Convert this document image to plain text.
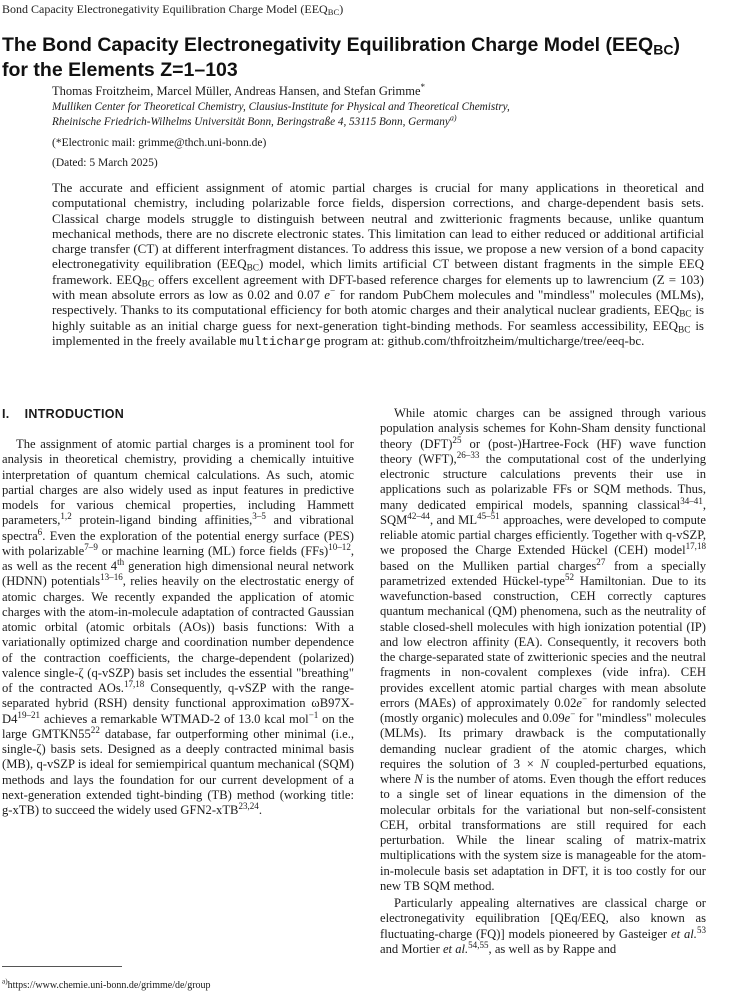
Bond Capacity Electronegativity Equilibration Charge Model (EEQBC)
The Bond Capacity Electronegativity Equilibration Charge Model (EEQBC)
for the Elements Z=1–103
Thomas Froitzheim, Marcel Müller, Andreas Hansen, and Stefan Grimme*
Mulliken Center for Theoretical Chemistry, Clausius-Institute for Physical and Theoretical Chemistry,
Rheinische Friedrich-Wilhelms Universität Bonn, Beringstraße 4, 53115 Bonn, Germany$^{a)}$
(*Electronic mail: grimme@thch.uni-bonn.de)
(Dated: 5 March 2025)
The accurate and efficient assignment of atomic partial charges is crucial for many applications in theoretical and computational chemistry, including polarizable force fields, dispersion corrections, and charge-dependent basis sets. Classical charge models struggle to distinguish between neutral and zwitterionic fragments because, unlike quantum mechanical methods, there are no discrete electronic states. This limitation can lead to either reduced or additional artificial charge transfer (CT) at different interfragment distances. To address this issue, we propose a new version of a bond capacity electronegativity equilibration (EEQBC) model, which limits artificial CT between distant fragments in the simple EEQ framework. EEQBC offers excellent agreement with DFT-based reference charges for elements up to lawrencium (Z = 103) with mean absolute errors as low as 0.02 and 0.07 e− for random PubChem molecules and "mindless" molecules (MLMs), respectively. Thanks to its computational efficiency for both atomic charges and their analytical nuclear gradients, EEQBC is highly suitable as an initial charge guess for next-generation tight-binding methods. For seamless accessibility, EEQBC is implemented in the freely available multicharge program at: github.com/thfroitzheim/multicharge/tree/eeq-bc.
I. INTRODUCTION

The assignment of atomic partial charges is a prominent tool for analysis in theoretical chemistry, providing a chemically intuitive interpretation of quantum chemical calculations. As such, atomic partial charges are also widely used as input features in predictive models for various chemical properties, including Hammett parameters,$^{1,2}$ protein-ligand binding affinities,$^{3-5}$ and vibrational spectra$^6$. Even the exploration of the potential energy surface (PES) with polarizable$^{7-9}$ or machine learning (ML) force fields (FFs)$^{10-12}$, as well as the recent 4th generation high dimensional neural network (HDNN) potentials$^{13-16}$, relies heavily on the electrostatic energy of atomic charges. We recently expanded the application of atomic charges with the atom-in-molecule adaptation of contracted Gaussian atomic orbital (atomic orbitals (AOs)) basis functions: With a variationally optimized charge and coordination number dependence of the contraction coefficients, the charge-dependent (polarized) valence single-ζ (q-vSZP) basis set includes the essential "breathing" of the contracted AOs.$^{17,18}$ Consequently, q-vSZP with the range-separated hybrid (RSH) density functional approximation ωB97X-D4$^{19-21}$ achieves a remarkable WTMAD-2 of 13.0 kcal mol$^{-1}$ on the large $GMTKN55^{22}$ database, far outperforming other minimal (i.e., single-ζ) basis sets. Designed as a deeply contracted minimal basis (MB), q-vSZP is ideal for semiempirical quantum mechanical (SQM) methods and lays the foundation for our current development of a next-generation extended tight-binding (TB) method (working title: g-xTB) to succeed the widely used GFN2-xTB$^{23,24}$.

While atomic charges can be assigned through various population analysis schemes for Kohn-Sham density functional theory (DFT)$^{25}$ or (post-)Hartree-Fock (HF) wave function theory (WFT),$^{26-33}$ the computational cost of the underlying electronic structure calculations prevents their use in applications such as polarizable FFs or SQM methods. Thus, many dedicated empirical models, spanning classical$^{34-41}$, SQM$^{42-44}$, and ML$^{45-51}$ approaches, were developed to compute reliable atomic partial charges efficiently. Together with q-vSZP, we proposed the Charge Extended Hückel (CEH) model$^{17,18}$ based on the Mulliken partial charges$^{27}$ from a specially parametrized extended Hückel-type$^{52}$ Hamiltonian. Due to its wavefunction-based construction, CEH correctly captures quantum mechanical (QM) phenomena, such as the neutrality of stable closed-shell molecules with high ionization potential (IP) and low electron affinity (EA). Consequently, it recovers both the charge-separated state of zwitterionic species and the neutral fragments in non-covalent complexes (vide infra). CEH provides excellent atomic partial charges with mean absolute errors (MAEs) of approximately 0.02e− for randomly selected (mostly organic) molecules and 0.09e− for "mindless" molecules (MLMs). Its primary drawback is the computationally demanding nuclear gradient of the atomic charges, which requires the solution of 3 × N coupled-perturbed equations, where N is the number of atoms. Even though the effort reduces to a single set of linear equations in the dimension of the molecular orbitals for the variational but non-self-consistent CEH, orbital transformations are still required for each perturbation. While the linear scaling of matrix-matrix multiplications with the system size is manageable for the atom-in-molecule basis set adaptation in DFT, it is too costly for our new TB SQM method.

Particularly appealing alternatives are classical charge or electronegativity equilibration [QEq/EEQ, also known as fluctuating-charge (FQ)] models pioneered by Gasteiger et al.$^{53}$ and Mortier et al.$^{54,55}$, as well as by Rappe and

$^{a)}$https://www.chemie.uni-bonn.de/grimme/de/group
